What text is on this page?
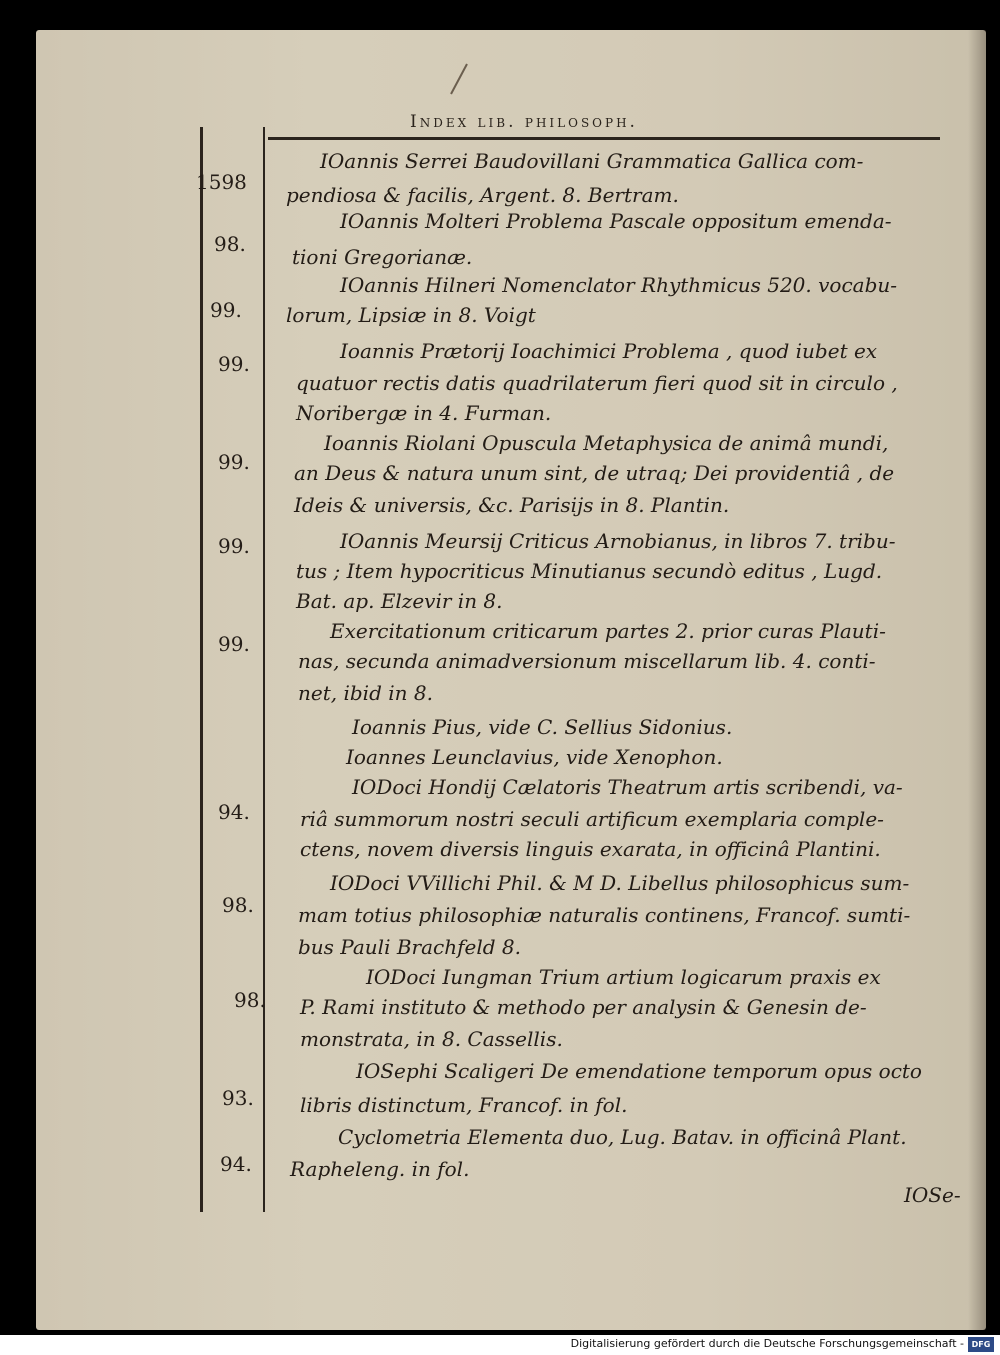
Index lib. philosoph.
1598
98.
99.
99.
99.
99.
99.
94.
98.
98.
93.
94.
IOannis Serrei Baudovillani Grammatica Gallica com-
pendiosa & facilis, Argent. 8. Bertram.
IOannis Molteri Problema Pascale oppositum emenda-
tioni Gregorianæ.
IOannis Hilneri Nomenclator Rhythmicus 520. vocabu-
lorum, Lipsiæ in 8. Voigt
Ioannis Prætorij Ioachimici Problema , quod iubet ex
quatuor rectis datis quadrilaterum fieri quod sit in circulo ,
Noribergæ in 4. Furman.
Ioannis Riolani Opuscula Metaphysica de animâ mundi,
an Deus & natura unum sint, de utraq; Dei providentiâ , de
Ideis & universis, &c. Parisijs in 8. Plantin.
IOannis Meursij Criticus Arnobianus, in libros 7. tribu-
tus ; Item hypocriticus Minutianus secundò editus , Lugd.
Bat. ap. Elzevir in 8.
Exercitationum criticarum partes 2. prior curas Plauti-
nas, secunda animadversionum miscellarum lib. 4. conti-
net, ibid in 8.
Ioannis Pius, vide C. Sellius Sidonius.
Ioannes Leunclavius, vide Xenophon.
IODoci Hondij Cælatoris Theatrum artis scribendi, va-
riâ summorum nostri seculi artificum exemplaria comple-
ctens, novem diversis linguis exarata, in officinâ Plantini.
IODoci VVillichi Phil. & M D. Libellus philosophicus sum-
mam totius philosophiæ naturalis continens, Francof. sumti-
bus Pauli Brachfeld 8.
IODoci Iungman Trium artium logicarum praxis ex
P. Rami instituto & methodo per analysin & Genesin de-
monstrata, in 8. Cassellis.
IOSephi Scaligeri De emendatione temporum opus octo
libris distinctum, Francof. in fol.
Cyclometria Elementa duo, Lug. Batav. in officinâ Plant.
Rapheleng. in fol.
IOSe-
Digitalisierung gefördert durch die Deutsche Forschungsgemeinschaft - DFG
